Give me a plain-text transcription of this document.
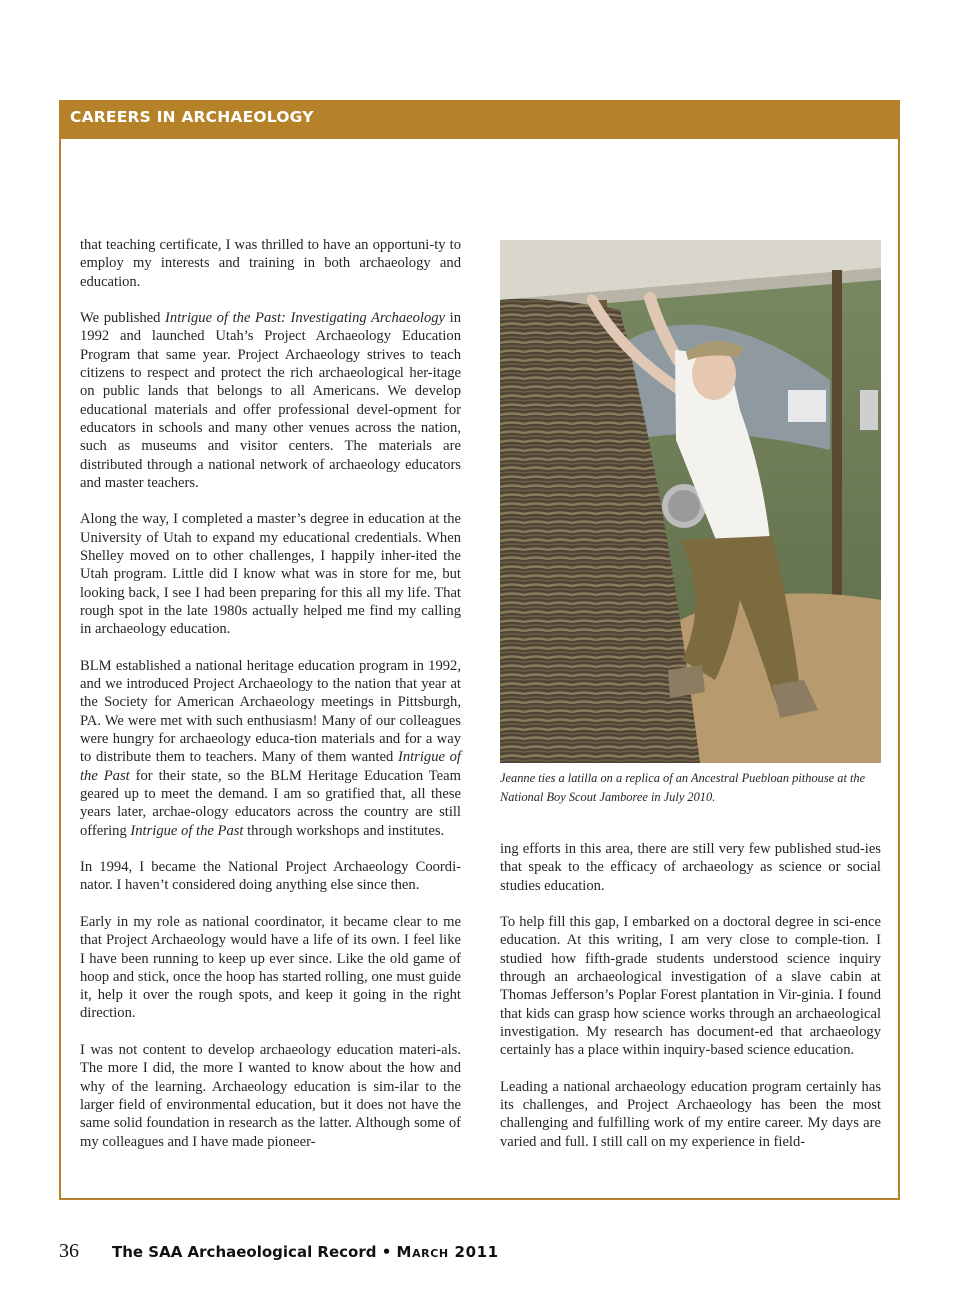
CAREERS IN ARCHAEOLOGY

that teaching certificate, I was thrilled to have an opportuni-ty to employ my interests and training in both archaeology and education.

We published Intrigue of the Past: Investigating Archaeology in 1992 and launched Utah’s Project Archaeology Education Program that same year. Project Archaeology strives to teach citizens to respect and protect the rich archaeological her-itage on public lands that belongs to all Americans. We develop educational materials and offer professional devel-opment for educators in schools and many other venues across the nation, such as museums and visitor centers. The materials are distributed through a national network of archaeology educators and master teachers.

Along the way, I completed a master’s degree in education at the University of Utah to expand my educational credentials. When Shelley moved on to other challenges, I happily inher-ited the Utah program. Little did I know what was in store for me, but looking back, I see I had been preparing for this all my life. That rough spot in the late 1980s actually helped me find my calling in archaeology education.

BLM established a national heritage education program in 1992, and we introduced Project Archaeology to the nation that year at the Society for American Archaeology meetings in Pittsburgh, PA. We were met with such enthusiasm! Many of our colleagues were hungry for archaeology educa-tion materials and for a way to distribute them to teachers. Many of them wanted Intrigue of the Past for their state, so the BLM Heritage Education Team geared up to meet the demand. I am so gratified that, all these years later, archae-ology educators across the country are still offering Intrigue of the Past through workshops and institutes.

In 1994, I became the National Project Archaeology Coordi-nator. I haven’t considered doing anything else since then.

Early in my role as national coordinator, it became clear to me that Project Archaeology would have a life of its own. I feel like I have been running to keep up ever since. Like the old game of hoop and stick, once the hoop has started rolling, one must guide it, help it over the rough spots, and keep it going in the right direction.

I was not content to develop archaeology education materi-als. The more I did, the more I wanted to know about the how and why of the learning. Archaeology education is sim-ilar to the larger field of environmental education, but it does not have the same solid foundation in research as the latter. Although some of my colleagues and I have made pioneer-

Jeanne ties a latilla on a replica of an Ancestral Puebloan pithouse at the National Boy Scout Jamboree in July 2010.

ing efforts in this area, there are still very few published stud-ies that speak to the efficacy of archaeology as science or social studies education.

To help fill this gap, I embarked on a doctoral degree in sci-ence education. At this writing, I am very close to comple-tion. I studied how fifth-grade students understood science inquiry through an archaeological investigation of a slave cabin at Thomas Jefferson’s Poplar Forest plantation in Vir-ginia. I found that kids can grasp how science works through an archaeological investigation. My research has document-ed that archaeology certainly has a place within inquiry-based science education.

Leading a national archaeology education program certainly has its challenges, and Project Archaeology has been the most challenging and fulfilling work of my entire career. My days are varied and full. I still call on my experience in field-

36 The SAA Archaeological Record • March 2011
